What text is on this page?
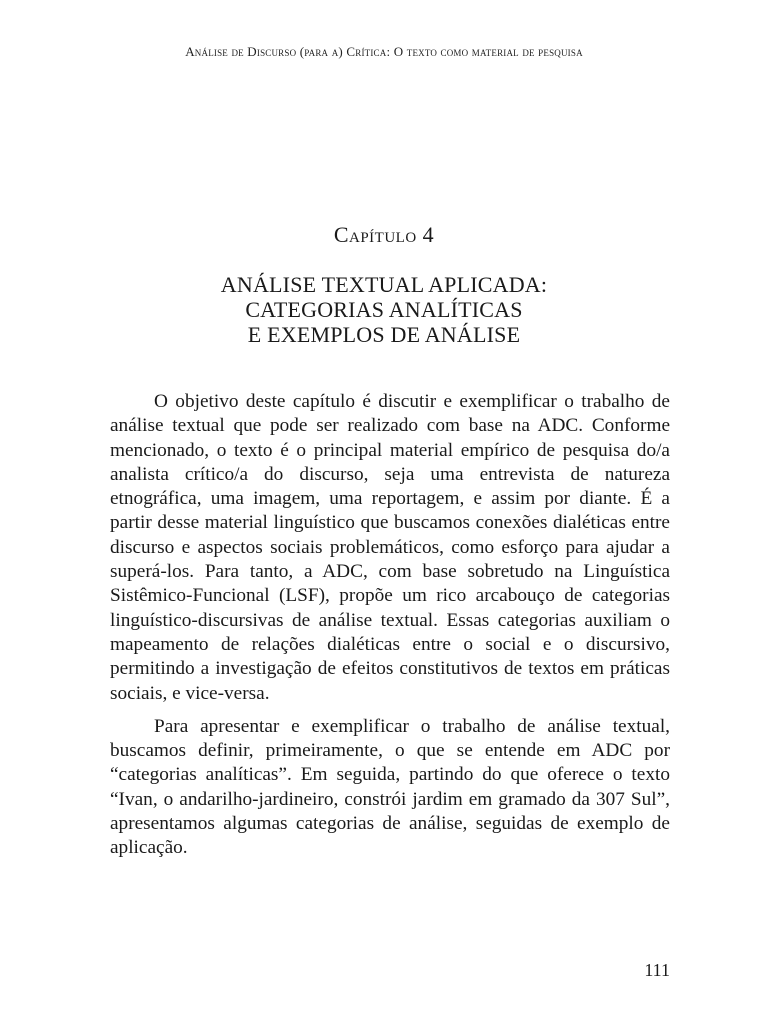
Análise de Discurso (para a) Crítica: O texto como material de pesquisa
Capítulo 4
ANÁLISE TEXTUAL APLICADA:
CATEGORIAS ANALÍTICAS
E EXEMPLOS DE ANÁLISE

O objetivo deste capítulo é discutir e exemplificar o trabalho de análise textual que pode ser realizado com base na ADC. Conforme mencionado, o texto é o principal material empírico de pesquisa do/a analista crítico/a do discurso, seja uma entrevista de natureza etnográfica, uma imagem, uma reportagem, e assim por diante. É a partir desse material linguístico que buscamos conexões dialéticas entre discurso e aspectos sociais problemáticos, como esforço para ajudar a superá-los. Para tanto, a ADC, com base sobretudo na Linguística Sistêmico-Funcional (LSF), propõe um rico arcabouço de categorias linguístico-discursivas de análise textual. Essas categorias auxiliam o mapeamento de relações dialéticas entre o social e o discursivo, permitindo a investigação de efeitos constitutivos de textos em práticas sociais, e vice-versa.

Para apresentar e exemplificar o trabalho de análise textual, buscamos definir, primeiramente, o que se entende em ADC por “categorias analíticas”. Em seguida, partindo do que oferece o texto “Ivan, o andarilho-jardineiro, constrói jardim em gramado da 307 Sul”, apresentamos algumas categorias de análise, seguidas de exemplo de aplicação.

111
